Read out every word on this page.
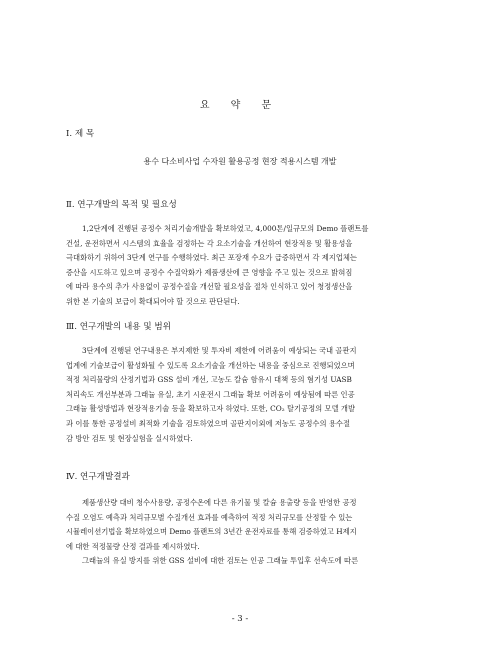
요 약 문
Ⅰ. 제 목
용수 다소비사업 수자원 활용공정 현장 적용시스템 개발
Ⅱ. 연구개발의 목적 및 필요성
1,2단계에 진행된 공정수 처리기술개발을 확보하였고, 4,000톤/일규모의 Demo 플랜트를
건설, 운전하면서 시스템의 효율을 검정하는 각 요소기술을 개선하여 현장적용 및 활용성을
극대화하기 위하여 3단계 연구를 수행하였다. 최근 포장재 수요가 급증하면서 각 제지업체는
증산을 시도하고 있으며 공정수 수질악화가 제품생산에 큰 영향을 주고 있는 것으로 밝혀짐
에 따라 용수의 추가 사용없이 공정수질을 개선할 필요성을 절차 인식하고 있어 청정생산을
위한 본 기술의 보급이 확대되어야 할 것으로 판단된다.
Ⅲ. 연구개발의 내용 및 범위
3단계에 진행된 연구내용은 부지제한 및 투자비 제한에 어려움이 예상되는 국내 골판지
업계에 기술보급이 활성화될 수 있도록 요소기술을 개선하는 내용을 중심으로 진행되었으며
적정 처리물량의 산정기법과 GSS 설비 개선, 고농도 칼슘 함유시 대책 등의 혐기성 UASB
처리속도 개선부분과 그래뉼 유실, 초기 시운전시 그래뉼 확보 어려움이 예상됨에 따른 인공
그래뉼 활성방법과 현장적용기술 등을 확보하고자 하였다. 또한, CO₂ 탈기공정의 모델 개발
과 이를 통한 공정설비 최적화 기술을 검토하였으며 골판지이외에 저농도 공정수의 용수절
감 방안 검토 및 현장실험을 실시하였다.
Ⅳ. 연구개발결과
제품생산량 대비 청수사용량, 공정수온에 다른 유기물 및 칼슘 용출량 등을 반영한 공정
수질 오염도 예측과 처리규모별 수질개선 효과를 예측하여 적정 처리규모를 산정할 수 있는
시뮬레이션기법을 확보하였으며 Demo 플랜트의 3년간 운전자료를 통해 검증하였고 H제지
에 대한 적정물량 산정 결과를 제시하였다.
그래뉼의 유실 방지를 위한 GSS 설비에 대한 검토는 인공 그래뉼 투입후 선속도에 따른
- 3 -
